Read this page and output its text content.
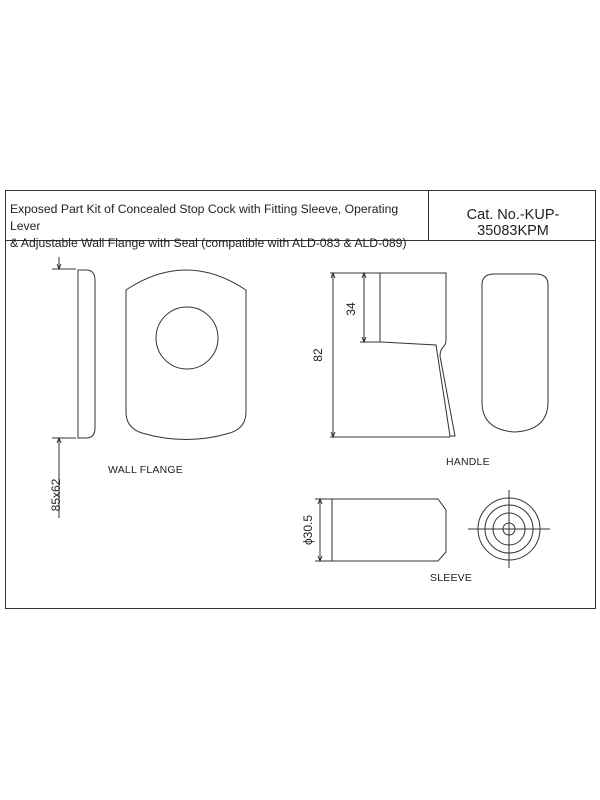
Exposed Part Kit of Concealed Stop Cock with Fitting Sleeve, Operating Lever
& Adjustable Wall Flange with Seal (compatible with ALD-083 & ALD-089)
Cat. No.-KUP-35083KPM
WALL FLANGE
85x62
HANDLE
82
34
SLEEVE
ϕ30.5
